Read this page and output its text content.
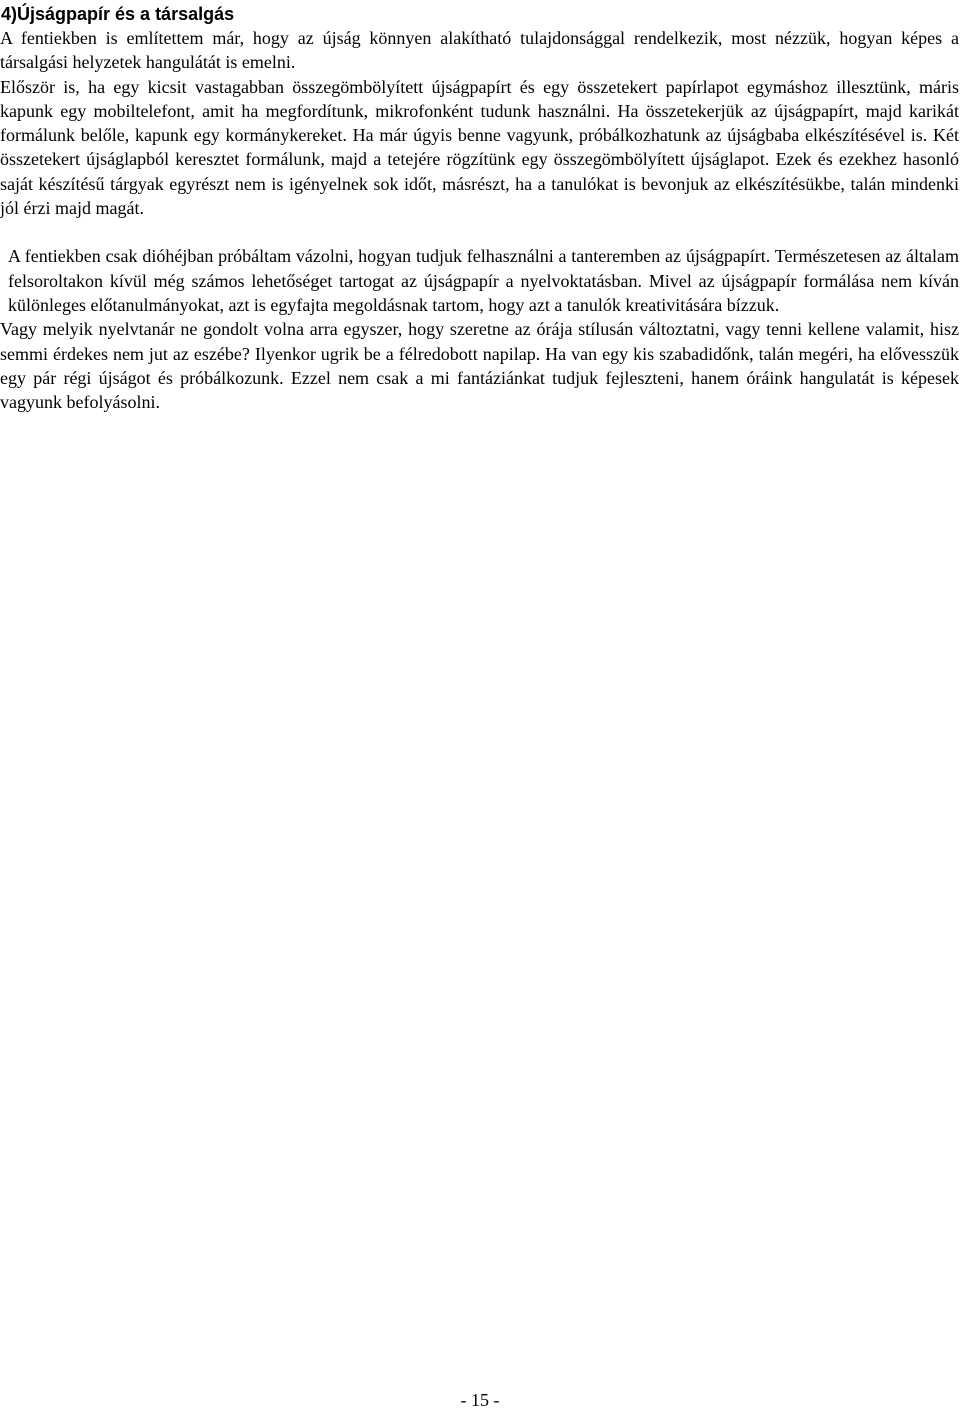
4)Újságpapír és a társalgás

A fentiekben is említettem már, hogy az újság könnyen alakítható tulajdonsággal rendelkezik, most nézzük, hogyan képes a társalgási helyzetek hangulátát is emelni.

Először is, ha egy kicsit vastagabban összegömbölyített újságpapírt és egy összetekert papírlapot egymáshoz illesztünk, máris kapunk egy mobiltelefont, amit ha megfordítunk, mikrofonként tudunk használni. Ha összetekerjük az újságpapírt, majd karikát formálunk belőle, kapunk egy kormánykereket. Ha már úgyis benne vagyunk, próbálkozhatunk az újságbaba elkészítésével is. Két összetekert újságlapból keresztet formálunk, majd a tetejére rögzítünk egy összegömbölyített újságlapot. Ezek és ezekhez hasonló saját készítésű tárgyak egyrészt nem is igényelnek sok időt, másrészt, ha a tanulókat is bevonjuk az elkészítésükbe, talán mindenki jól érzi majd magát.

A fentiekben csak dióhéjban próbáltam vázolni, hogyan tudjuk felhasználni a tanteremben az újságpapírt. Természetesen az általam felsoroltakon kívül még számos lehetőséget tartogat az újságpapír a nyelvoktatásban. Mivel az újságpapír formálása nem kíván különleges előtanulmányokat, azt is egyfajta megoldásnak tartom, hogy azt a tanulók kreativitására bízzuk.

Vagy melyik nyelvtanár ne gondolt volna arra egyszer, hogy szeretne az órája stílusán változtatni, vagy tenni kellene valamit, hisz semmi érdekes nem jut az eszébe? Ilyenkor ugrik be a félredobott napilap. Ha van egy kis szabadidőnk, talán megéri, ha elővesszük egy pár régi újságot és próbálkozunk. Ezzel nem csak a mi fantáziánkat tudjuk fejleszteni, hanem óráink hangulatát is képesek vagyunk befolyásolni.

- 15 -
